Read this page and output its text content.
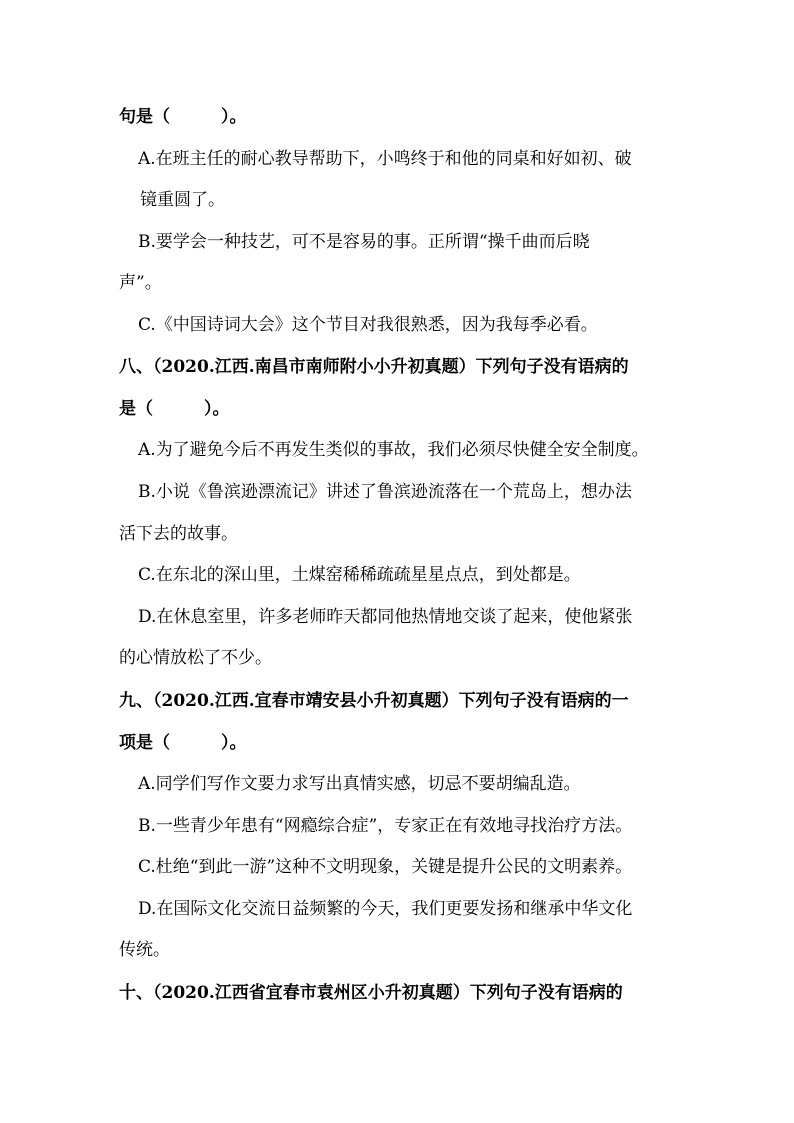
句是（　　　）。
A.在班主任的耐心教导帮助下，小鸣终于和他的同桌和好如初、破
镜重圆了。
B.要学会一种技艺，可不是容易的事。正所谓“操千曲而后晓
声”。
C.《中国诗词大会》这个节目对我很熟悉，因为我每季必看。
八、（2020.江西.南昌市南师附小小升初真题）下列句子没有语病的
是（　　　）。
A.为了避免今后不再发生类似的事故，我们必须尽快健全安全制度。
B.小说《鲁滨逊漂流记》讲述了鲁滨逊流落在一个荒岛上，想办法
活下去的故事。
C.在东北的深山里，土煤窑稀稀疏疏星星点点，到处都是。
D.在休息室里，许多老师昨天都同他热情地交谈了起来，使他紧张
的心情放松了不少。
九、（2020.江西.宜春市靖安县小升初真题）下列句子没有语病的一
项是（　　　）。
A.同学们写作文要力求写出真情实感，切忌不要胡编乱造。
B.一些青少年患有“网瘾综合症”，专家正在有效地寻找治疗方法。
C.杜绝“到此一游”这种不文明现象，关键是提升公民的文明素养。
D.在国际文化交流日益频繁的今天，我们更要发扬和继承中华文化
传统。
十、（2020.江西省宜春市袁州区小升初真题）下列句子没有语病的
